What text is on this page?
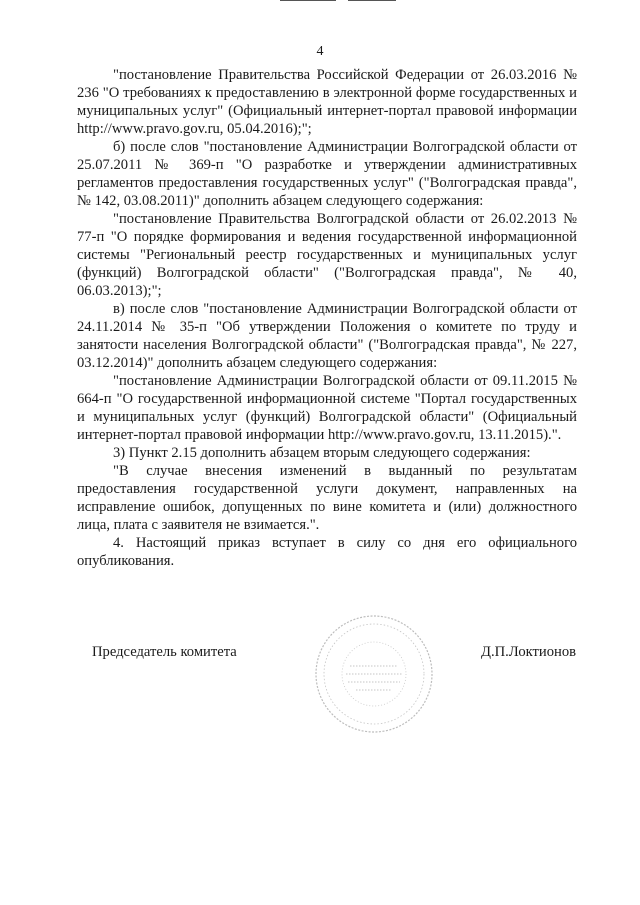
4

"постановление Правительства Российской Федерации от 26.03.2016 № 236 "О требованиях к предоставлению в электронной форме государственных и муниципальных услуг" (Официальный интернет-портал правовой информации http://www.pravo.gov.ru, 05.04.2016);";

б) после слов "постановление Администрации Волгоградской области от 25.07.2011 № 369-п "О разработке и утверждении административных регламентов предоставления государственных услуг" ("Волгоградская правда", № 142, 03.08.2011)" дополнить абзацем следующего содержания:

"постановление Правительства Волгоградской области от 26.02.2013 № 77-п "О порядке формирования и ведения государственной информационной системы "Региональный реестр государственных и муниципальных услуг (функций) Волгоградской области" ("Волгоградская правда", № 40, 06.03.2013);";

в) после слов "постановление Администрации Волгоградской области от 24.11.2014 № 35-п "Об утверждении Положения о комитете по труду и занятости населения Волгоградской области" ("Волгоградская правда", № 227, 03.12.2014)" дополнить абзацем следующего содержания:

"постановление Администрации Волгоградской области от 09.11.2015 № 664-п "О государственной информационной системе "Портал государственных и муниципальных услуг (функций) Волгоградской области" (Официальный интернет-портал правовой информации http://www.pravo.gov.ru, 13.11.2015).".

3) Пункт 2.15 дополнить абзацем вторым следующего содержания:

"В случае внесения изменений в выданный по результатам предоставления государственной услуги документ, направленных на исправление ошибок, допущенных по вине комитета и (или) должностного лица, плата с заявителя не взимается.".

4. Настоящий приказ вступает в силу со дня его официального опубликования.

Председатель комитета	Д.П.Локтионов
